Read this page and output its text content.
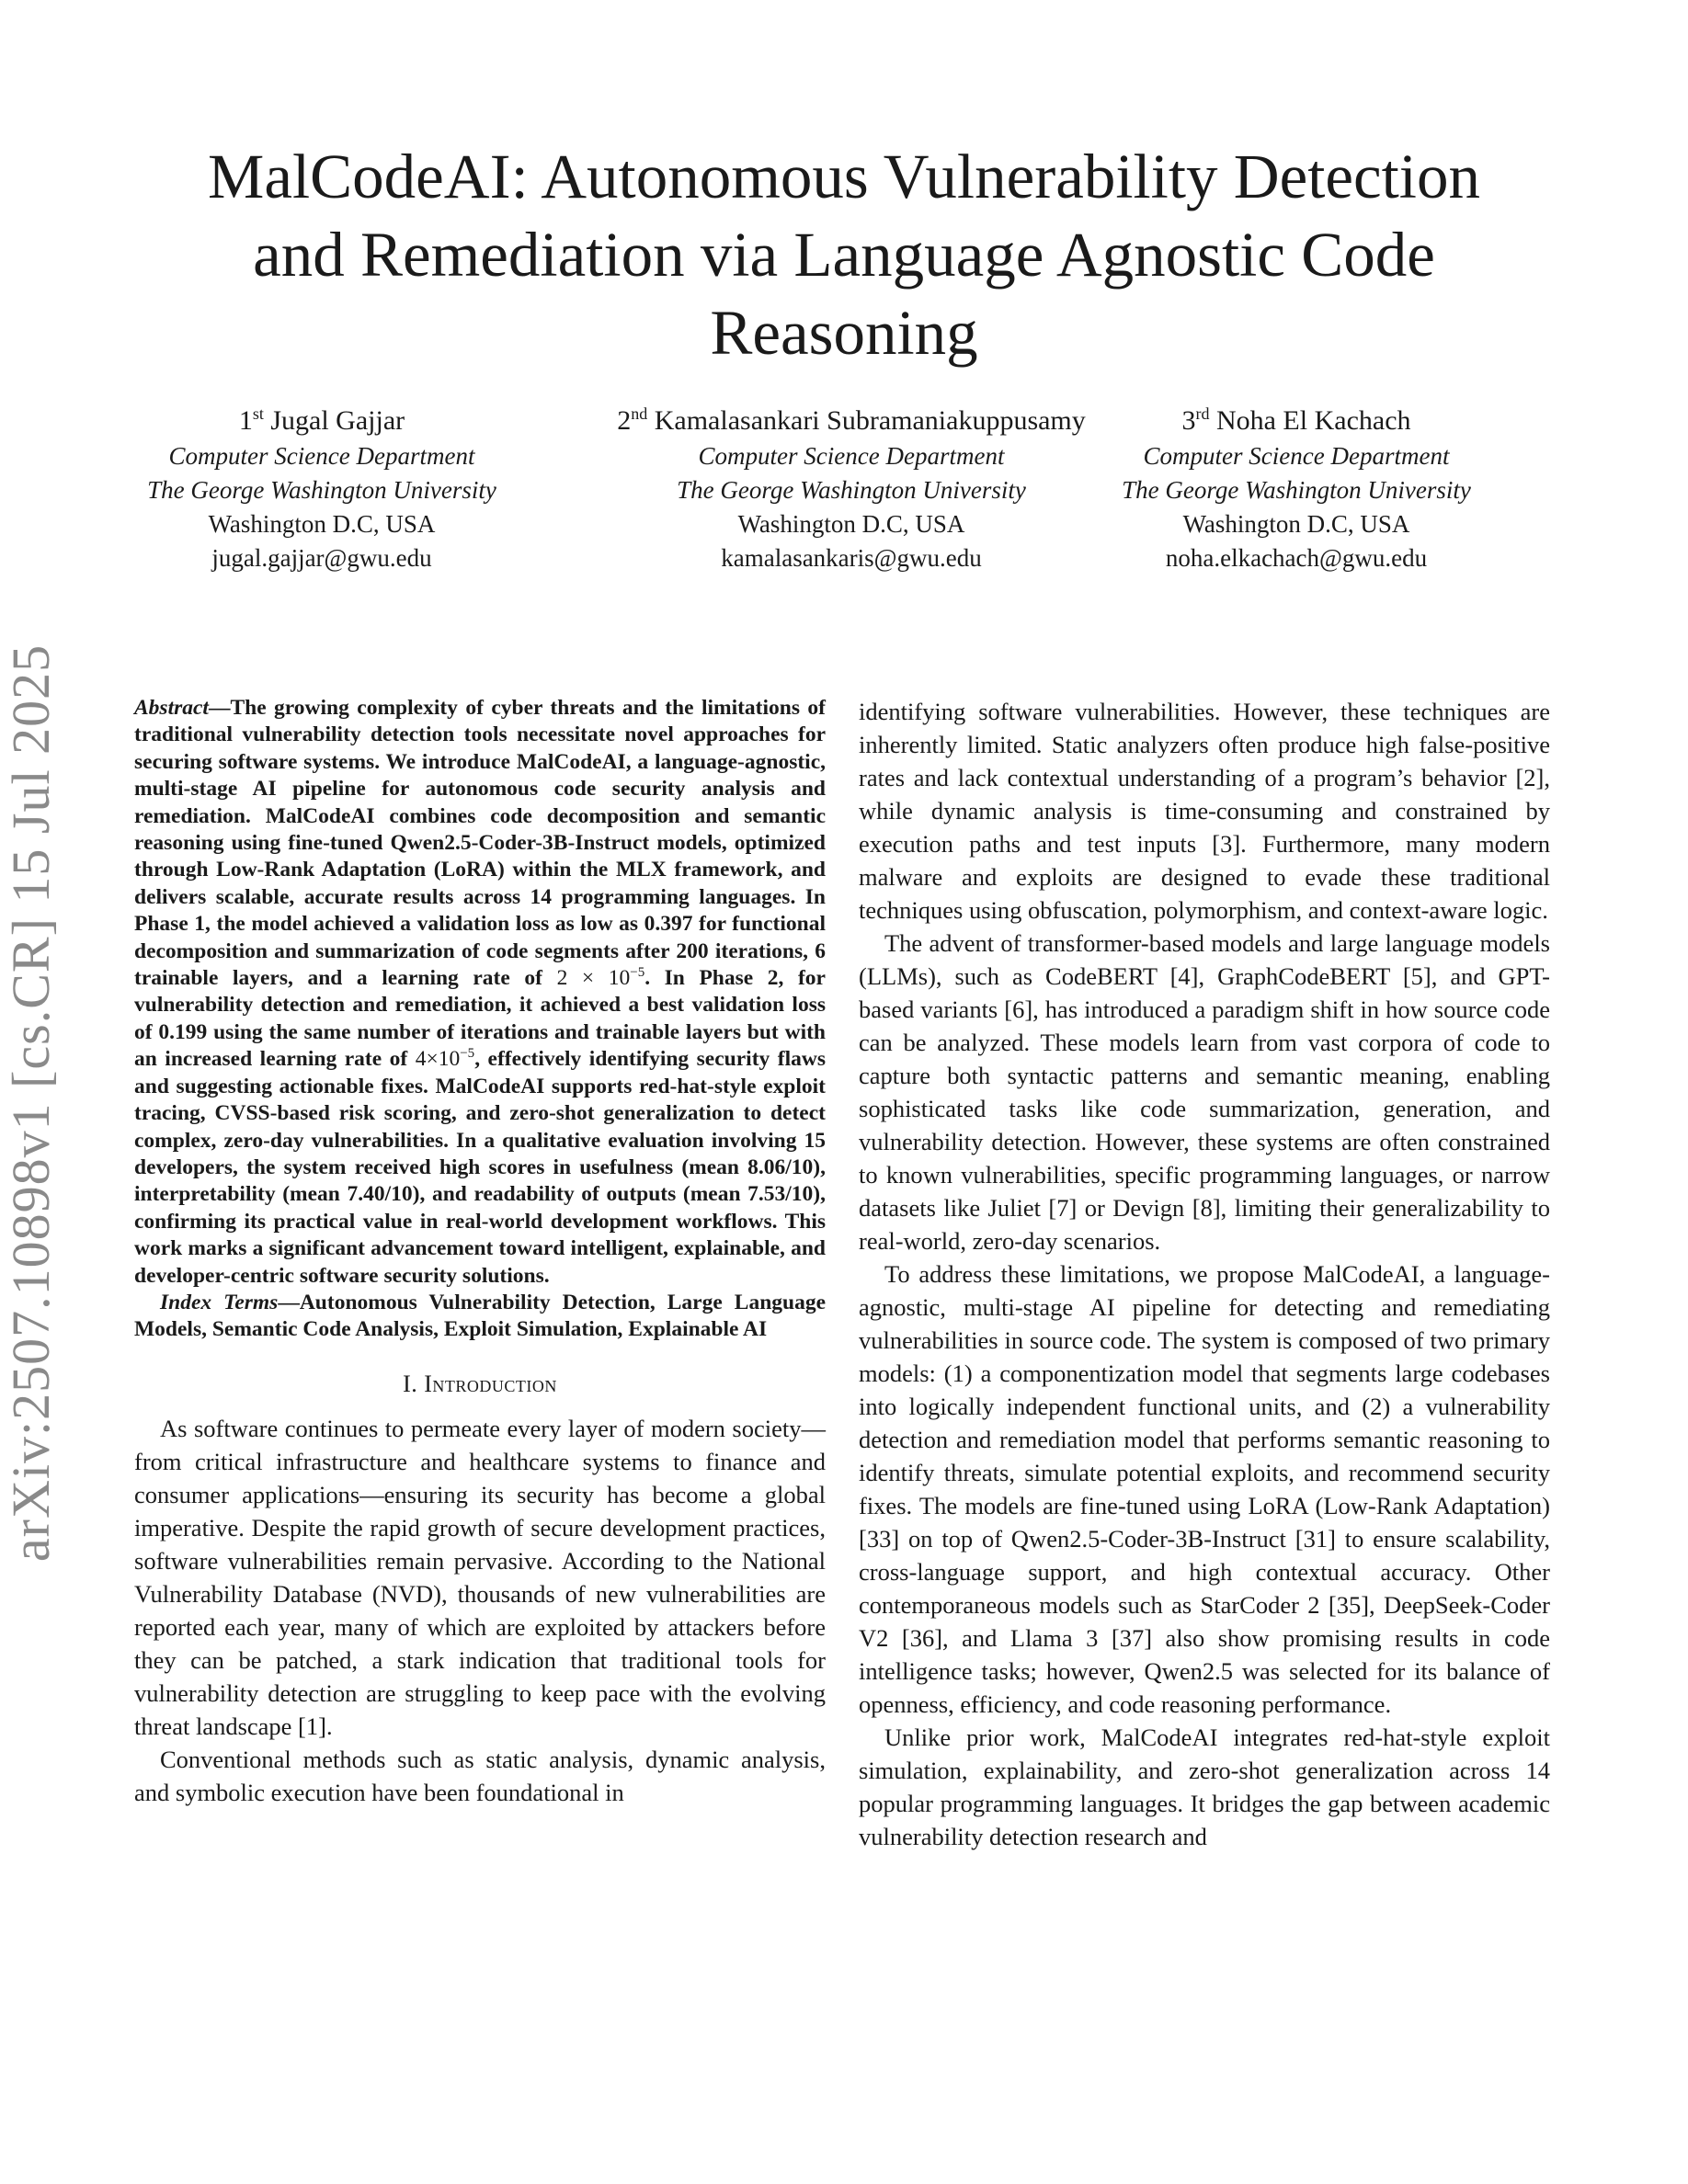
arXiv:2507.10898v1 [cs.CR] 15 Jul 2025
MalCodeAI: Autonomous Vulnerability Detection
and Remediation via Language Agnostic Code
Reasoning
1st Jugal Gajjar
Computer Science Department
The George Washington University
Washington D.C, USA
jugal.gajjar@gwu.edu
2nd Kamalasankari Subramaniakuppusamy
Computer Science Department
The George Washington University
Washington D.C, USA
kamalasankaris@gwu.edu
3rd Noha El Kachach
Computer Science Department
The George Washington University
Washington D.C, USA
noha.elkachach@gwu.edu

Abstract—The growing complexity of cyber threats and the limitations of traditional vulnerability detection tools necessitate novel approaches for securing software systems. We introduce MalCodeAI, a language-agnostic, multi-stage AI pipeline for autonomous code security analysis and remediation. MalCodeAI combines code decomposition and semantic reasoning using fine-tuned Qwen2.5-Coder-3B-Instruct models, optimized through Low-Rank Adaptation (LoRA) within the MLX framework, and delivers scalable, accurate results across 14 programming languages. In Phase 1, the model achieved a validation loss as low as 0.397 for functional decomposition and summarization of code segments after 200 iterations, 6 trainable layers, and a learning rate of $2 \times 10^{-5}$. In Phase 2, for vulnerability detection and remediation, it achieved a best validation loss of 0.199 using the same number of iterations and trainable layers but with an increased learning rate of $4\times 10^{-5}$, effectively identifying security flaws and suggesting actionable fixes. MalCodeAI supports red-hat-style exploit tracing, CVSS-based risk scoring, and zero-shot generalization to detect complex, zero-day vulnerabilities. In a qualitative evaluation involving 15 developers, the system received high scores in usefulness (mean 8.06/10), interpretability (mean 7.40/10), and readability of outputs (mean 7.53/10), confirming its practical value in real-world development workflows. This work marks a significant advancement toward intelligent, explainable, and developer-centric software security solutions.

Index Terms—Autonomous Vulnerability Detection, Large Language Models, Semantic Code Analysis, Exploit Simulation, Explainable AI

I. Introduction

As software continues to permeate every layer of modern society—from critical infrastructure and healthcare systems to finance and consumer applications—ensuring its security has become a global imperative. Despite the rapid growth of secure development practices, software vulnerabilities remain pervasive. According to the National Vulnerability Database (NVD), thousands of new vulnerabilities are reported each year, many of which are exploited by attackers before they can be patched, a stark indication that traditional tools for vulnerability detection are struggling to keep pace with the evolving threat landscape [1].

Conventional methods such as static analysis, dynamic analysis, and symbolic execution have been foundational in

identifying software vulnerabilities. However, these techniques are inherently limited. Static analyzers often produce high false-positive rates and lack contextual understanding of a program’s behavior [2], while dynamic analysis is time-consuming and constrained by execution paths and test inputs [3]. Furthermore, many modern malware and exploits are designed to evade these traditional techniques using obfuscation, polymorphism, and context-aware logic.

The advent of transformer-based models and large language models (LLMs), such as CodeBERT [4], GraphCodeBERT [5], and GPT-based variants [6], has introduced a paradigm shift in how source code can be analyzed. These models learn from vast corpora of code to capture both syntactic patterns and semantic meaning, enabling sophisticated tasks like code summarization, generation, and vulnerability detection. However, these systems are often constrained to known vulnerabilities, specific programming languages, or narrow datasets like Juliet [7] or Devign [8], limiting their generalizability to real-world, zero-day scenarios.

To address these limitations, we propose MalCodeAI, a language-agnostic, multi-stage AI pipeline for detecting and remediating vulnerabilities in source code. The system is composed of two primary models: (1) a componentization model that segments large codebases into logically independent functional units, and (2) a vulnerability detection and remediation model that performs semantic reasoning to identify threats, simulate potential exploits, and recommend security fixes. The models are fine-tuned using LoRA (Low-Rank Adaptation) [33] on top of Qwen2.5-Coder-3B-Instruct [31] to ensure scalability, cross-language support, and high contextual accuracy. Other contemporaneous models such as StarCoder 2 [35], DeepSeek-Coder V2 [36], and Llama 3 [37] also show promising results in code intelligence tasks; however, Qwen2.5 was selected for its balance of openness, efficiency, and code reasoning performance.

Unlike prior work, MalCodeAI integrates red-hat-style exploit simulation, explainability, and zero-shot generalization across 14 popular programming languages. It bridges the gap between academic vulnerability detection research and
